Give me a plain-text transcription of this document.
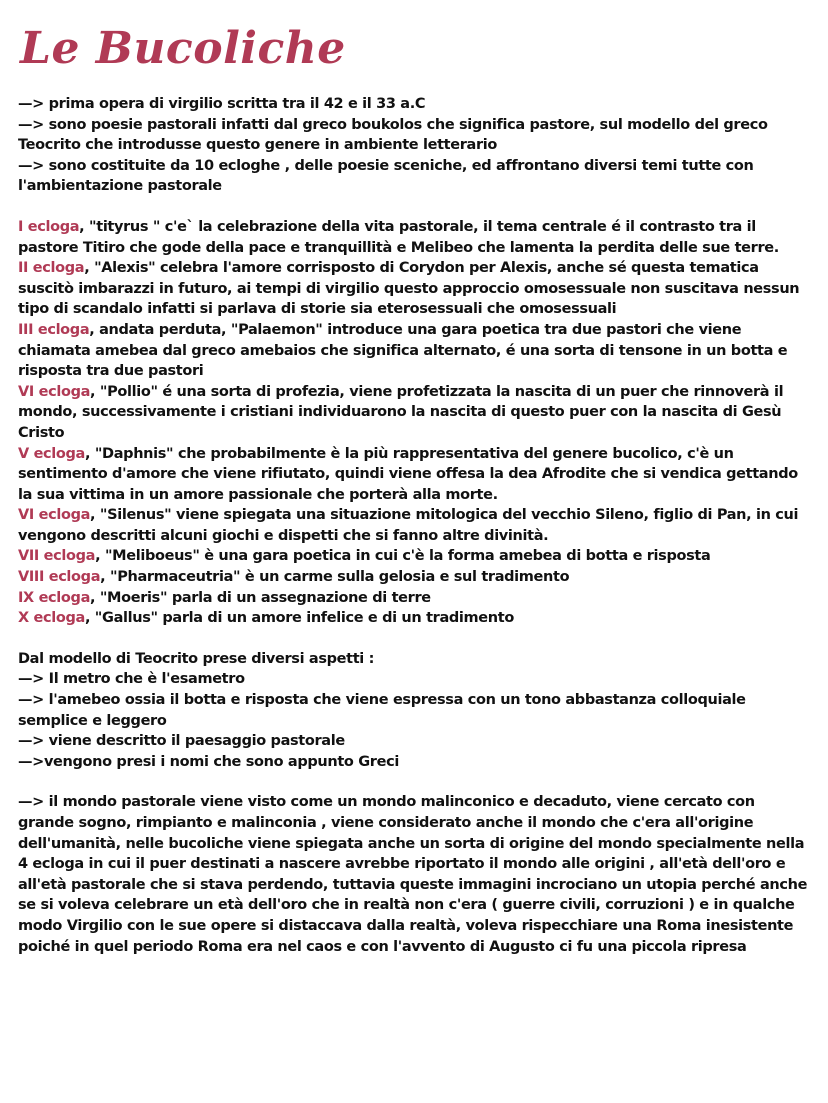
Le Bucoliche

—> prima opera di virgilio scritta tra il 42 e il 33 a.C

—> sono poesie pastorali infatti dal greco boukolos che significa pastore, sul modello del greco Teocrito che introdusse questo genere in ambiente letterario

—> sono costituite da 10 ecloghe , delle poesie sceniche, ed affrontano diversi temi tutte con l'ambientazione pastorale

I ecloga, "tityrus " c'e` la celebrazione della vita pastorale, il tema centrale é il contrasto tra il pastore Titiro che gode della pace e tranquillità e Melibeo che lamenta la perdita delle sue terre.

II ecloga, "Alexis" celebra l'amore corrisposto di Corydon per Alexis, anche sé questa tematica suscitò imbarazzi in futuro, ai tempi di virgilio questo approccio omosessuale non suscitava nessun tipo di scandalo infatti si parlava di storie sia eterosessuali che omosessuali

III ecloga, andata perduta, "Palaemon" introduce una gara poetica tra due pastori che viene chiamata amebea dal greco amebaios che significa alternato, é una sorta di tensone in un botta e risposta tra due pastori

VI ecloga, "Pollio" é una sorta di profezia, viene profetizzata la nascita di un puer che rinnoverà il mondo, successivamente i cristiani individuarono la nascita di questo puer con la nascita di Gesù Cristo

V ecloga, "Daphnis" che probabilmente è la più rappresentativa del genere bucolico, c'è un sentimento d'amore che viene rifiutato, quindi viene offesa la dea Afrodite che si vendica gettando la sua vittima in un amore passionale che porterà alla morte.

VI ecloga, "Silenus" viene spiegata una situazione mitologica del vecchio Sileno, figlio di Pan, in cui vengono descritti alcuni giochi e dispetti che si fanno altre divinità.

VII ecloga, "Meliboeus" è una gara poetica in cui c'è la forma amebea di botta e risposta

VIII ecloga, "Pharmaceutria" è un carme sulla gelosia e sul tradimento

IX ecloga, "Moeris" parla di un assegnazione di terre

X ecloga, "Gallus" parla di un amore infelice e di un tradimento

Dal modello di Teocrito prese diversi aspetti :

—> Il metro che è l'esametro

—> l'amebeo ossia il botta e risposta che viene espressa con un tono abbastanza colloquiale semplice e leggero

—> viene descritto il paesaggio pastorale

—>vengono presi i nomi che sono appunto Greci

—> il mondo pastorale viene visto come un mondo malinconico e decaduto, viene cercato con grande sogno, rimpianto e malinconia , viene considerato anche il mondo che c'era all'origine dell'umanità, nelle bucoliche viene spiegata anche un sorta di origine del mondo specialmente nella 4 ecloga in cui il puer destinati a nascere avrebbe riportato il mondo alle origini , all'età dell'oro e all'età pastorale che si stava perdendo, tuttavia queste immagini incrociano un utopia perché anche se si voleva celebrare un età dell'oro che in realtà non c'era ( guerre civili, corruzioni ) e in qualche modo Virgilio con le sue opere si distaccava dalla realtà, voleva rispecchiare una Roma inesistente poiché in quel periodo Roma era nel caos e con l'avvento di Augusto ci fu una piccola ripresa
